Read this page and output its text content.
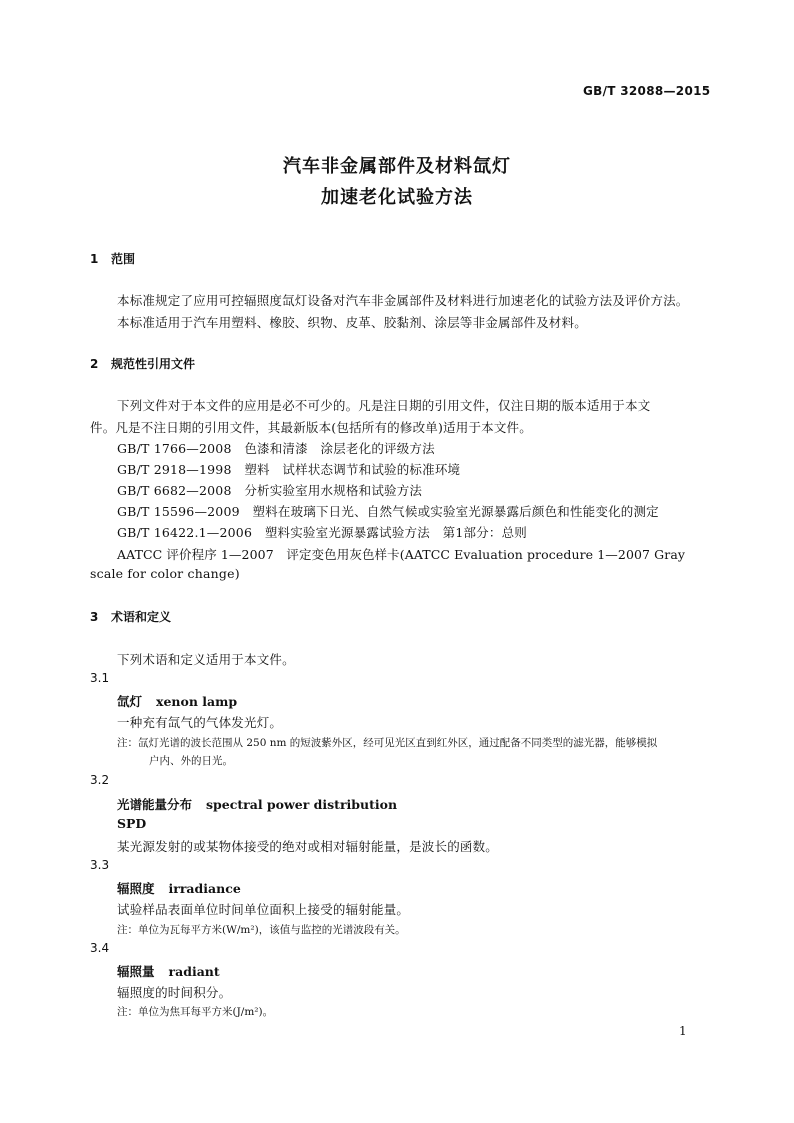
GB/T 32088—2015
汽车非金属部件及材料氙灯
加速老化试验方法
1 范围
本标准规定了应用可控辐照度氙灯设备对汽车非金属部件及材料进行加速老化的试验方法及评价方法。
本标准适用于汽车用塑料、橡胶、织物、皮革、胶黏剂、涂层等非金属部件及材料。
2 规范性引用文件
下列文件对于本文件的应用是必不可少的。凡是注日期的引用文件，仅注日期的版本适用于本文
件。凡是不注日期的引用文件，其最新版本(包括所有的修改单)适用于本文件。
GB/T 1766—2008　 色漆和清漆　涂层老化的评级方法
GB/T 2918—1998　 塑料　试样状态调节和试验的标准环境
GB/T 6682—2008　 分析实验室用水规格和试验方法
GB/T 15596—2009　 塑料在玻璃下日光、自然气候或实验室光源暴露后颜色和性能变化的测定
GB/T 16422.1—2006　 塑料实验室光源暴露试验方法　第1部分：总则
AATCC 评价程序 1—2007　评定变色用灰色样卡(AATCC Evaluation procedure 1—2007 Gray
scale for color change)
3 术语和定义
下列术语和定义适用于本文件。
3.1
氙灯 xenon lamp
一种充有氙气的气体发光灯。
注：氙灯光谱的波长范围从 250 nm 的短波紫外区，经可见光区直到红外区，通过配备不同类型的滤光器，能够模拟
户内、外的日光。
3.2
光谱能量分布 spectral power distribution
SPD
某光源发射的或某物体接受的绝对或相对辐射能量，是波长的函数。
3.3
辐照度 irradiance
试验样品表面单位时间单位面积上接受的辐射能量。
注：单位为瓦每平方米(W/m²)，该值与监控的光谱波段有关。
3.4
辐照量 radiant
辐照度的时间积分。
注：单位为焦耳每平方米(J/m²)。
1
